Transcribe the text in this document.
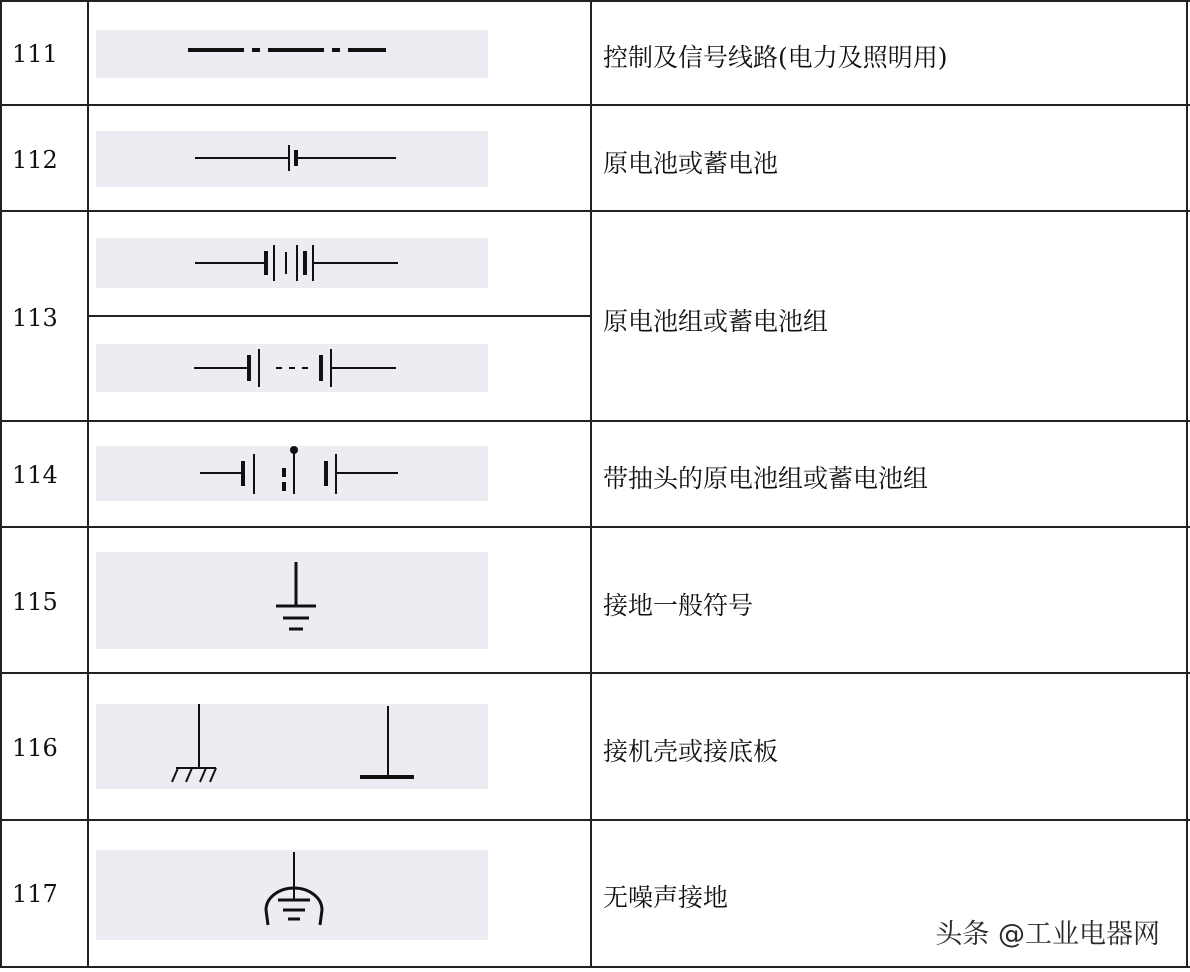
111
112
113
114
115
116
117
控制及信号线路(电力及照明用)
原电池或蓄电池
原电池组或蓄电池组
带抽头的原电池组或蓄电池组
接地一般符号
接机壳或接底板
无噪声接地
头条 @工业电器网
